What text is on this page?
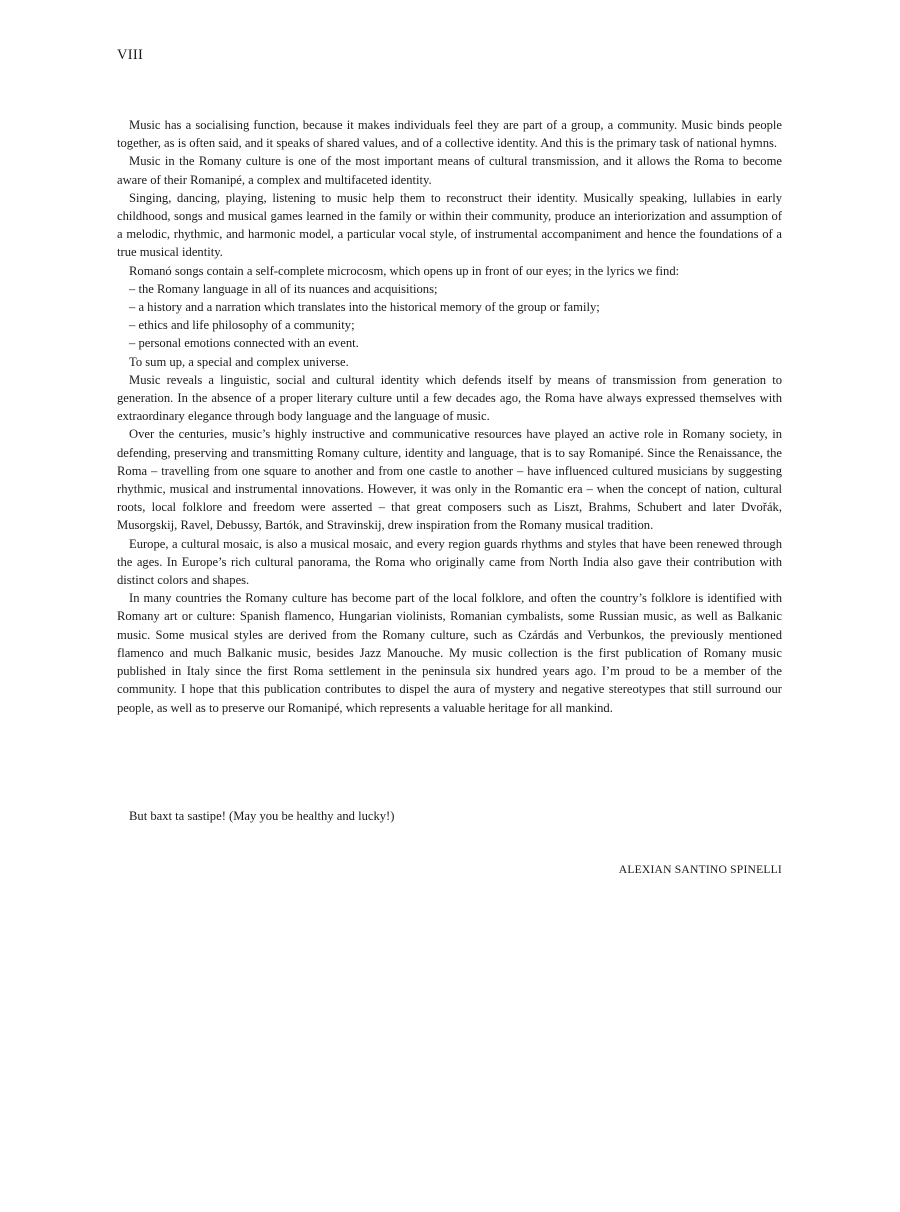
VIII

Music has a socialising function, because it makes individuals feel they are part of a group, a community. Music binds people together, as is often said, and it speaks of shared values, and of a collective identity. And this is the primary task of national hymns.

Music in the Romany culture is one of the most important means of cultural transmission, and it allows the Roma to become aware of their Romanipé, a complex and multifaceted identity.

Singing, dancing, playing, listening to music help them to reconstruct their identity. Musically speaking, lullabies in early childhood, songs and musical games learned in the family or within their community, produce an interiorization and assumption of a melodic, rhythmic, and harmonic model, a particular vocal style, of instrumental accompaniment and hence the foundations of a true musical identity.

Romanó songs contain a self-complete microcosm, which opens up in front of our eyes; in the lyrics we find:

– the Romany language in all of its nuances and acquisitions;

– a history and a narration which translates into the historical memory of the group or family;

– ethics and life philosophy of a community;

– personal emotions connected with an event.

To sum up, a special and complex universe.

Music reveals a linguistic, social and cultural identity which defends itself by means of transmission from generation to generation. In the absence of a proper literary culture until a few decades ago, the Roma have always expressed themselves with extraordinary elegance through body language and the language of music.

Over the centuries, music’s highly instructive and communicative resources have played an active role in Romany society, in defending, preserving and transmitting Romany culture, identity and language, that is to say Romanipé. Since the Renaissance, the Roma – travelling from one square to another and from one castle to another – have influenced cultured musicians by suggesting rhythmic, musical and instrumental innovations. However, it was only in the Romantic era – when the concept of nation, cultural roots, local folklore and freedom were asserted – that great composers such as Liszt, Brahms, Schubert and later Dvořák, Musorgskij, Ravel, Debussy, Bartók, and Stravinskij, drew inspiration from the Romany musical tradition.

Europe, a cultural mosaic, is also a musical mosaic, and every region guards rhythms and styles that have been renewed through the ages. In Europe’s rich cultural panorama, the Roma who originally came from North India also gave their contribution with distinct colors and shapes.

In many countries the Romany culture has become part of the local folklore, and often the country’s folklore is identified with Romany art or culture: Spanish flamenco, Hungarian violinists, Romanian cymbalists, some Russian music, as well as Balkanic music. Some musical styles are derived from the Romany culture, such as Czárdás and Verbunkos, the previously mentioned flamenco and much Balkanic music, besides Jazz Manouche. My music collection is the first publication of Romany music published in Italy since the first Roma settlement in the peninsula six hundred years ago. I’m proud to be a member of the community. I hope that this publication contributes to dispel the aura of mystery and negative stereotypes that still surround our people, as well as to preserve our Romanipé, which represents a valuable heritage for all mankind.

But baxt ta sastipe! (May you be healthy and lucky!)

ALEXIAN SANTINO SPINELLI
